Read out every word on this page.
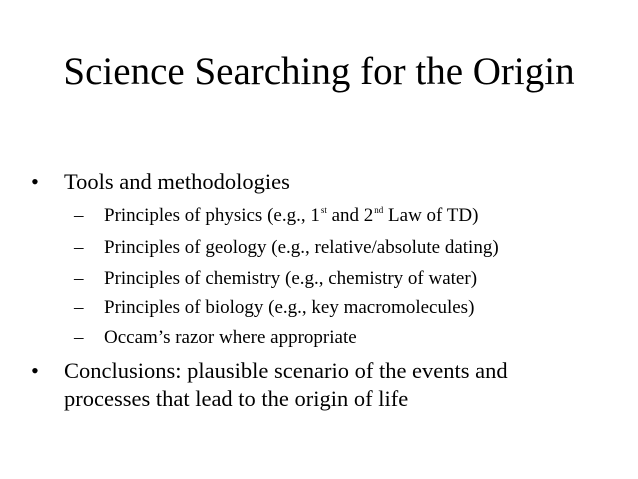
Science Searching for the Origin
• Tools and methodologies
– Principles of physics (e.g., 1st and 2nd Law of TD)
– Principles of geology (e.g., relative/absolute dating)
– Principles of chemistry (e.g., chemistry of water)
– Principles of biology (e.g., key macromolecules)
– Occam’s razor where appropriate
• Conclusions: plausible scenario of the events and processes that lead to the origin of life
